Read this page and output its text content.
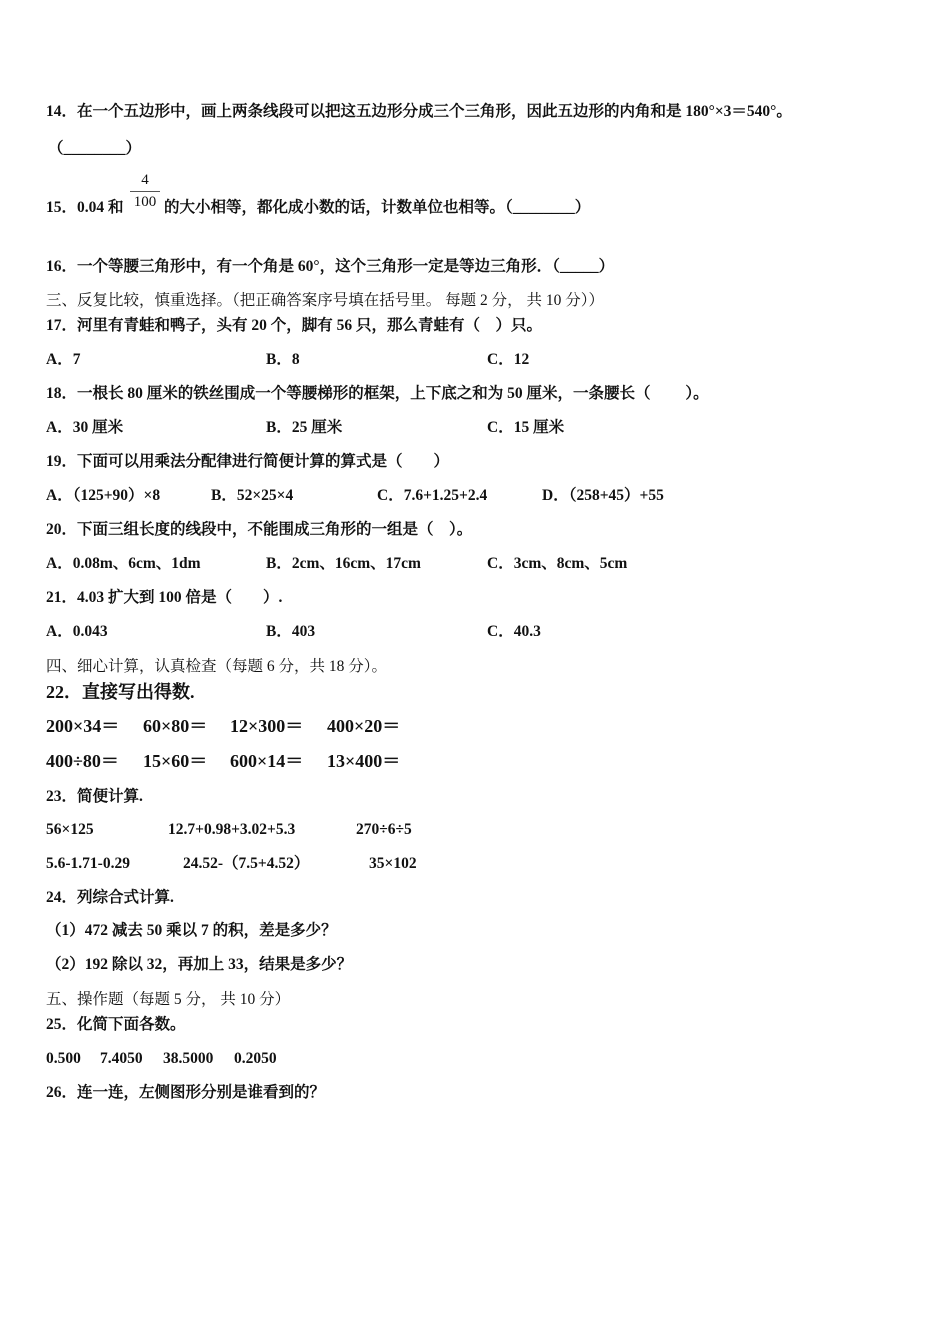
14．在一个五边形中，画上两条线段可以把这五边形分成三个三角形，因此五边形的内角和是 180°×3＝540°。
（________）
15．0.04 和 $\frac{4}{100}$ 的大小相等，都化成小数的话，计数单位也相等。（________）
16．一个等腰三角形中，有一个角是 60°，这个三角形一定是等边三角形．（_____）
三、反复比较，慎重选择。（把正确答案序号填在括号里。 每题 2 分， 共 10 分））
17．河里有青蛙和鸭子，头有 20 个，脚有 56 只，那么青蛙有（　）只。
A．7	B．8	C．12
18．一根长 80 厘米的铁丝围成一个等腰梯形的框架，上下底之和为 50 厘米，一条腰长（　　 ）。
A．30 厘米	B．25 厘米	C．15 厘米
19．下面可以用乘法分配律进行简便计算的算式是（　　）
A．（125+90）×8	B．52×25×4	C．7.6+1.25+2.4	D．（258+45）+55
20．下面三组长度的线段中，不能围成三角形的一组是（　）。
A．0.08m、6cm、1dm	B．2cm、16cm、17cm	C．3cm、8cm、5cm
21．4.03 扩大到 100 倍是（　　）.
A．0.043	B．403	C．40.3
四、细心计算，认真检查（每题 6 分，共 18 分）。
22．直接写出得数.
200×34＝ 60×80＝ 12×300＝ 400×20＝
400÷80＝ 15×60＝ 600×14＝ 13×400＝
23．简便计算.
56×125	12.7+0.98+3.02+5.3	270÷6÷5
5.6-1.71-0.29	24.52-（7.5+4.52）	35×102
24．列综合式计算.
（1）472 减去 50 乘以 7 的积，差是多少？
（2）192 除以 32，再加上 33，结果是多少？
五、操作题（每题 5 分， 共 10 分）
25．化简下面各数。
0.500 7.4050 38.5000 0.2050
26．连一连，左侧图形分别是谁看到的？
